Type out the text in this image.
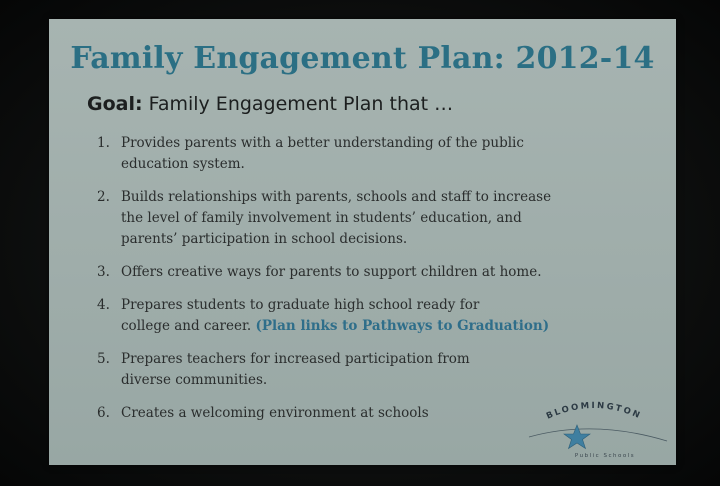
Family Engagement Plan: 2012-14
Goal: Family Engagement Plan that …
1. Provides parents with a better understanding of the public
education system.
2. Builds relationships with parents, schools and staff to increase
the level of family involvement in students’ education, and
parents’ participation in school decisions.
3. Offers creative ways for parents to support children at home.
4. Prepares students to graduate high school ready for
college and career. (Plan links to Pathways to Graduation)
5. Prepares teachers for increased participation from
diverse communities.
6. Creates a welcoming environment at schools	BLOOMINGTON
Public Schools
